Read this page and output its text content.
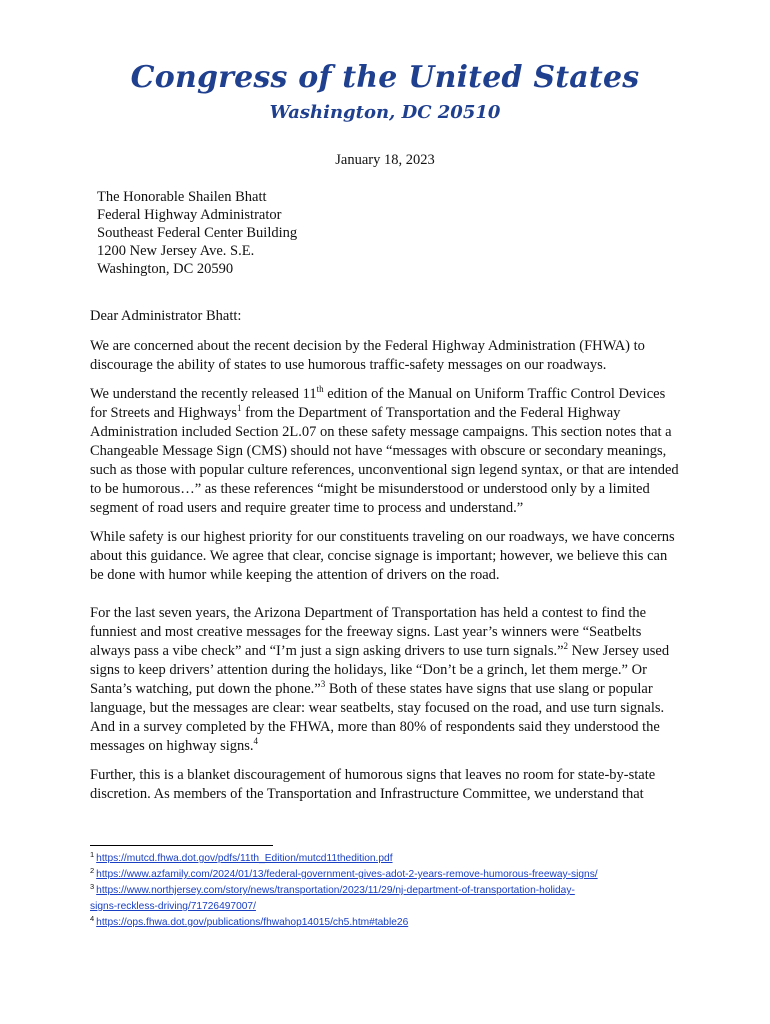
Congress of the United States
Washington, DC 20510
January 18, 2023
The Honorable Shailen Bhatt
Federal Highway Administrator
Southeast Federal Center Building
1200 New Jersey Ave. S.E.
Washington, DC 20590

Dear Administrator Bhatt:

We are concerned about the recent decision by the Federal Highway Administration (FHWA) to discourage the ability of states to use humorous traffic-safety messages on our roadways.

We understand the recently released 11th edition of the Manual on Uniform Traffic Control Devices for Streets and Highways$^1$ from the Department of Transportation and the Federal Highway Administration included Section 2L.07 on these safety message campaigns. This section notes that a Changeable Message Sign (CMS) should not have “messages with obscure or secondary meanings, such as those with popular culture references, unconventional sign legend syntax, or that are intended to be humorous…” as these references “might be misunderstood or understood only by a limited segment of road users and require greater time to process and understand.”

While safety is our highest priority for our constituents traveling on our roadways, we have concerns about this guidance. We agree that clear, concise signage is important; however, we believe this can be done with humor while keeping the attention of drivers on the road.

For the last seven years, the Arizona Department of Transportation has held a contest to find the funniest and most creative messages for the freeway signs. Last year’s winners were “Seatbelts always pass a vibe check” and “I’m just a sign asking drivers to use turn signals.”$^2$ New Jersey used signs to keep drivers’ attention during the holidays, like “Don’t be a grinch, let them merge.” Or Santa’s watching, put down the phone.”$^3$ Both of these states have signs that use slang or popular language, but the messages are clear: wear seatbelts, stay focused on the road, and use turn signals. And in a survey completed by the FHWA, more than 80% of respondents said they understood the messages on highway signs.$^4$

Further, this is a blanket discouragement of humorous signs that leaves no room for state-by-state discretion. As members of the Transportation and Infrastructure Committee, we understand that

$^1$ https://mutcd.fhwa.dot.gov/pdfs/11th_Edition/mutcd11thedition.pdf
$^2$ https://www.azfamily.com/2024/01/13/federal-government-gives-adot-2-years-remove-humorous-freeway-signs/
$^3$ https://www.northjersey.com/story/news/transportation/2023/11/29/nj-department-of-transportation-holiday-
signs-reckless-driving/71726497007/
$^4$ https://ops.fhwa.dot.gov/publications/fhwahop14015/ch5.htm#table26
